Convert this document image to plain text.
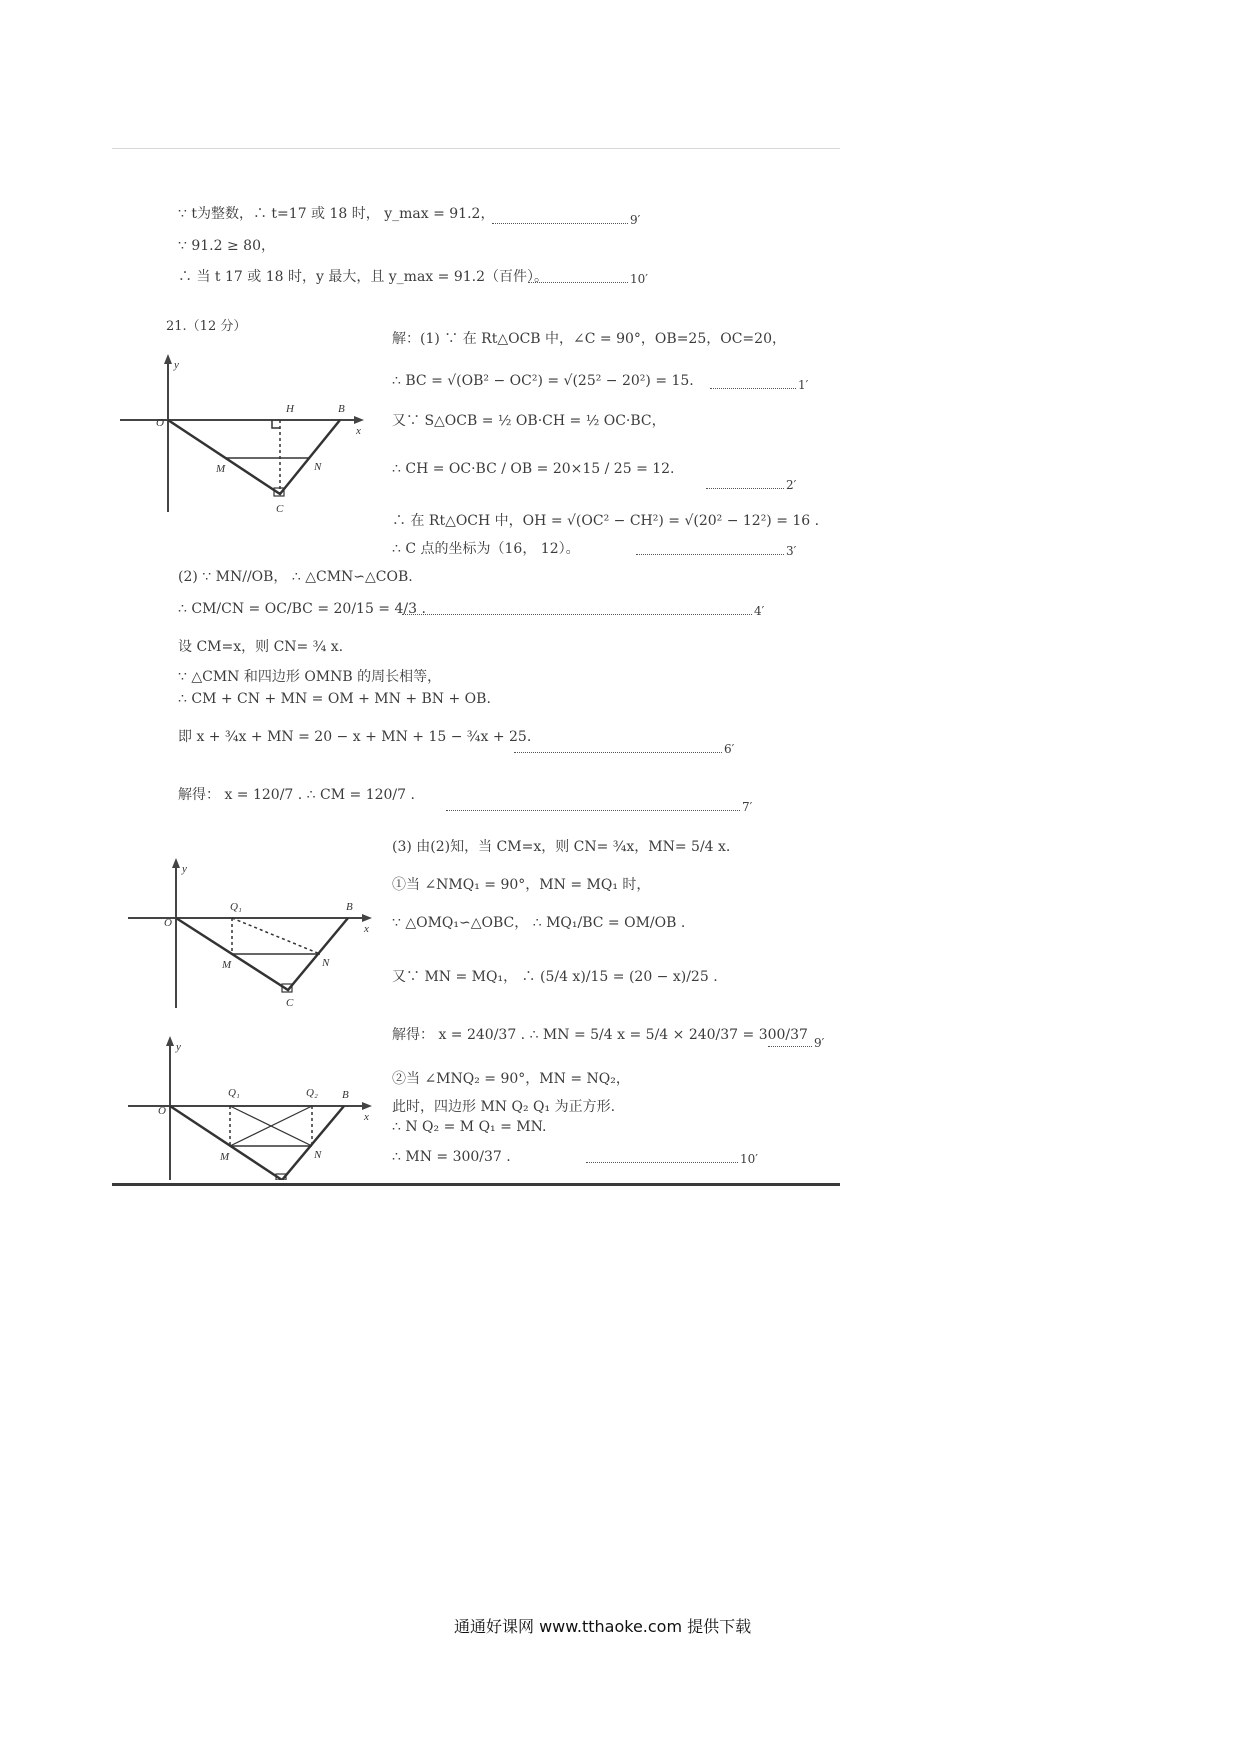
∵ t为整数，∴ t=17 或 18 时， y_max = 91.2，	9′
∵ 91.2 ≥ 80，
∴ 当 t 17 或 18 时，y 最大，且 y_max = 91.2（百件）。	10′
21.（12 分）
y
x
O
H	B
M	N
C
解：(1) ∵ 在 Rt△OCB 中，∠C = 90°，OB=25，OC=20，
∴ BC = √(OB² − OC²) = √(25² − 20²) = 15.	1′
又∵ S△OCB = ½ OB·CH = ½ OC·BC，
∴ CH = OC·BC / OB = 20×15 / 25 = 12.
2′
∴ 在 Rt△OCH 中，OH = √(OC² − CH²) = √(20² − 12²) = 16 .
∴ C 点的坐标为（16， 12）。	3′
(2) ∵ MN//OB， ∴ △CMN∽△COB.
∴ CM/CN = OC/BC = 20/15 = 4/3 .	4′
设 CM=x，则 CN= ¾ x.
∵ △CMN 和四边形 OMNB 的周长相等，
∴ CM + CN + MN = OM + MN + BN + OB.
即 x + ¾x + MN = 20 − x + MN + 15 − ¾x + 25.
6′
解得： x = 120/7 . ∴ CM = 120/7 .
7′
y
x
O
Q₁	B
M	N
C
(3) 由(2)知，当 CM=x，则 CN= ¾x，MN= 5/4 x.
①当 ∠NMQ₁ = 90°，MN = MQ₁ 时，
∵ △OMQ₁∽△OBC， ∴ MQ₁/BC = OM/OB .
又∵ MN = MQ₁， ∴ (5/4 x)/15 = (20 − x)/25 .
解得： x = 240/37 . ∴ MN = 5/4 x = 5/4 × 240/37 = 300/37 9′
y
x
O
Q₁	Q₂ B
M	N
②当 ∠MNQ₂ = 90°，MN = NQ₂，
此时，四边形 MN Q₂ Q₁ 为正方形.
∴ N Q₂ = M Q₁ = MN.
∴ MN = 300/37 .	10′
通通好课网 www.tthaoke.com 提供下载
